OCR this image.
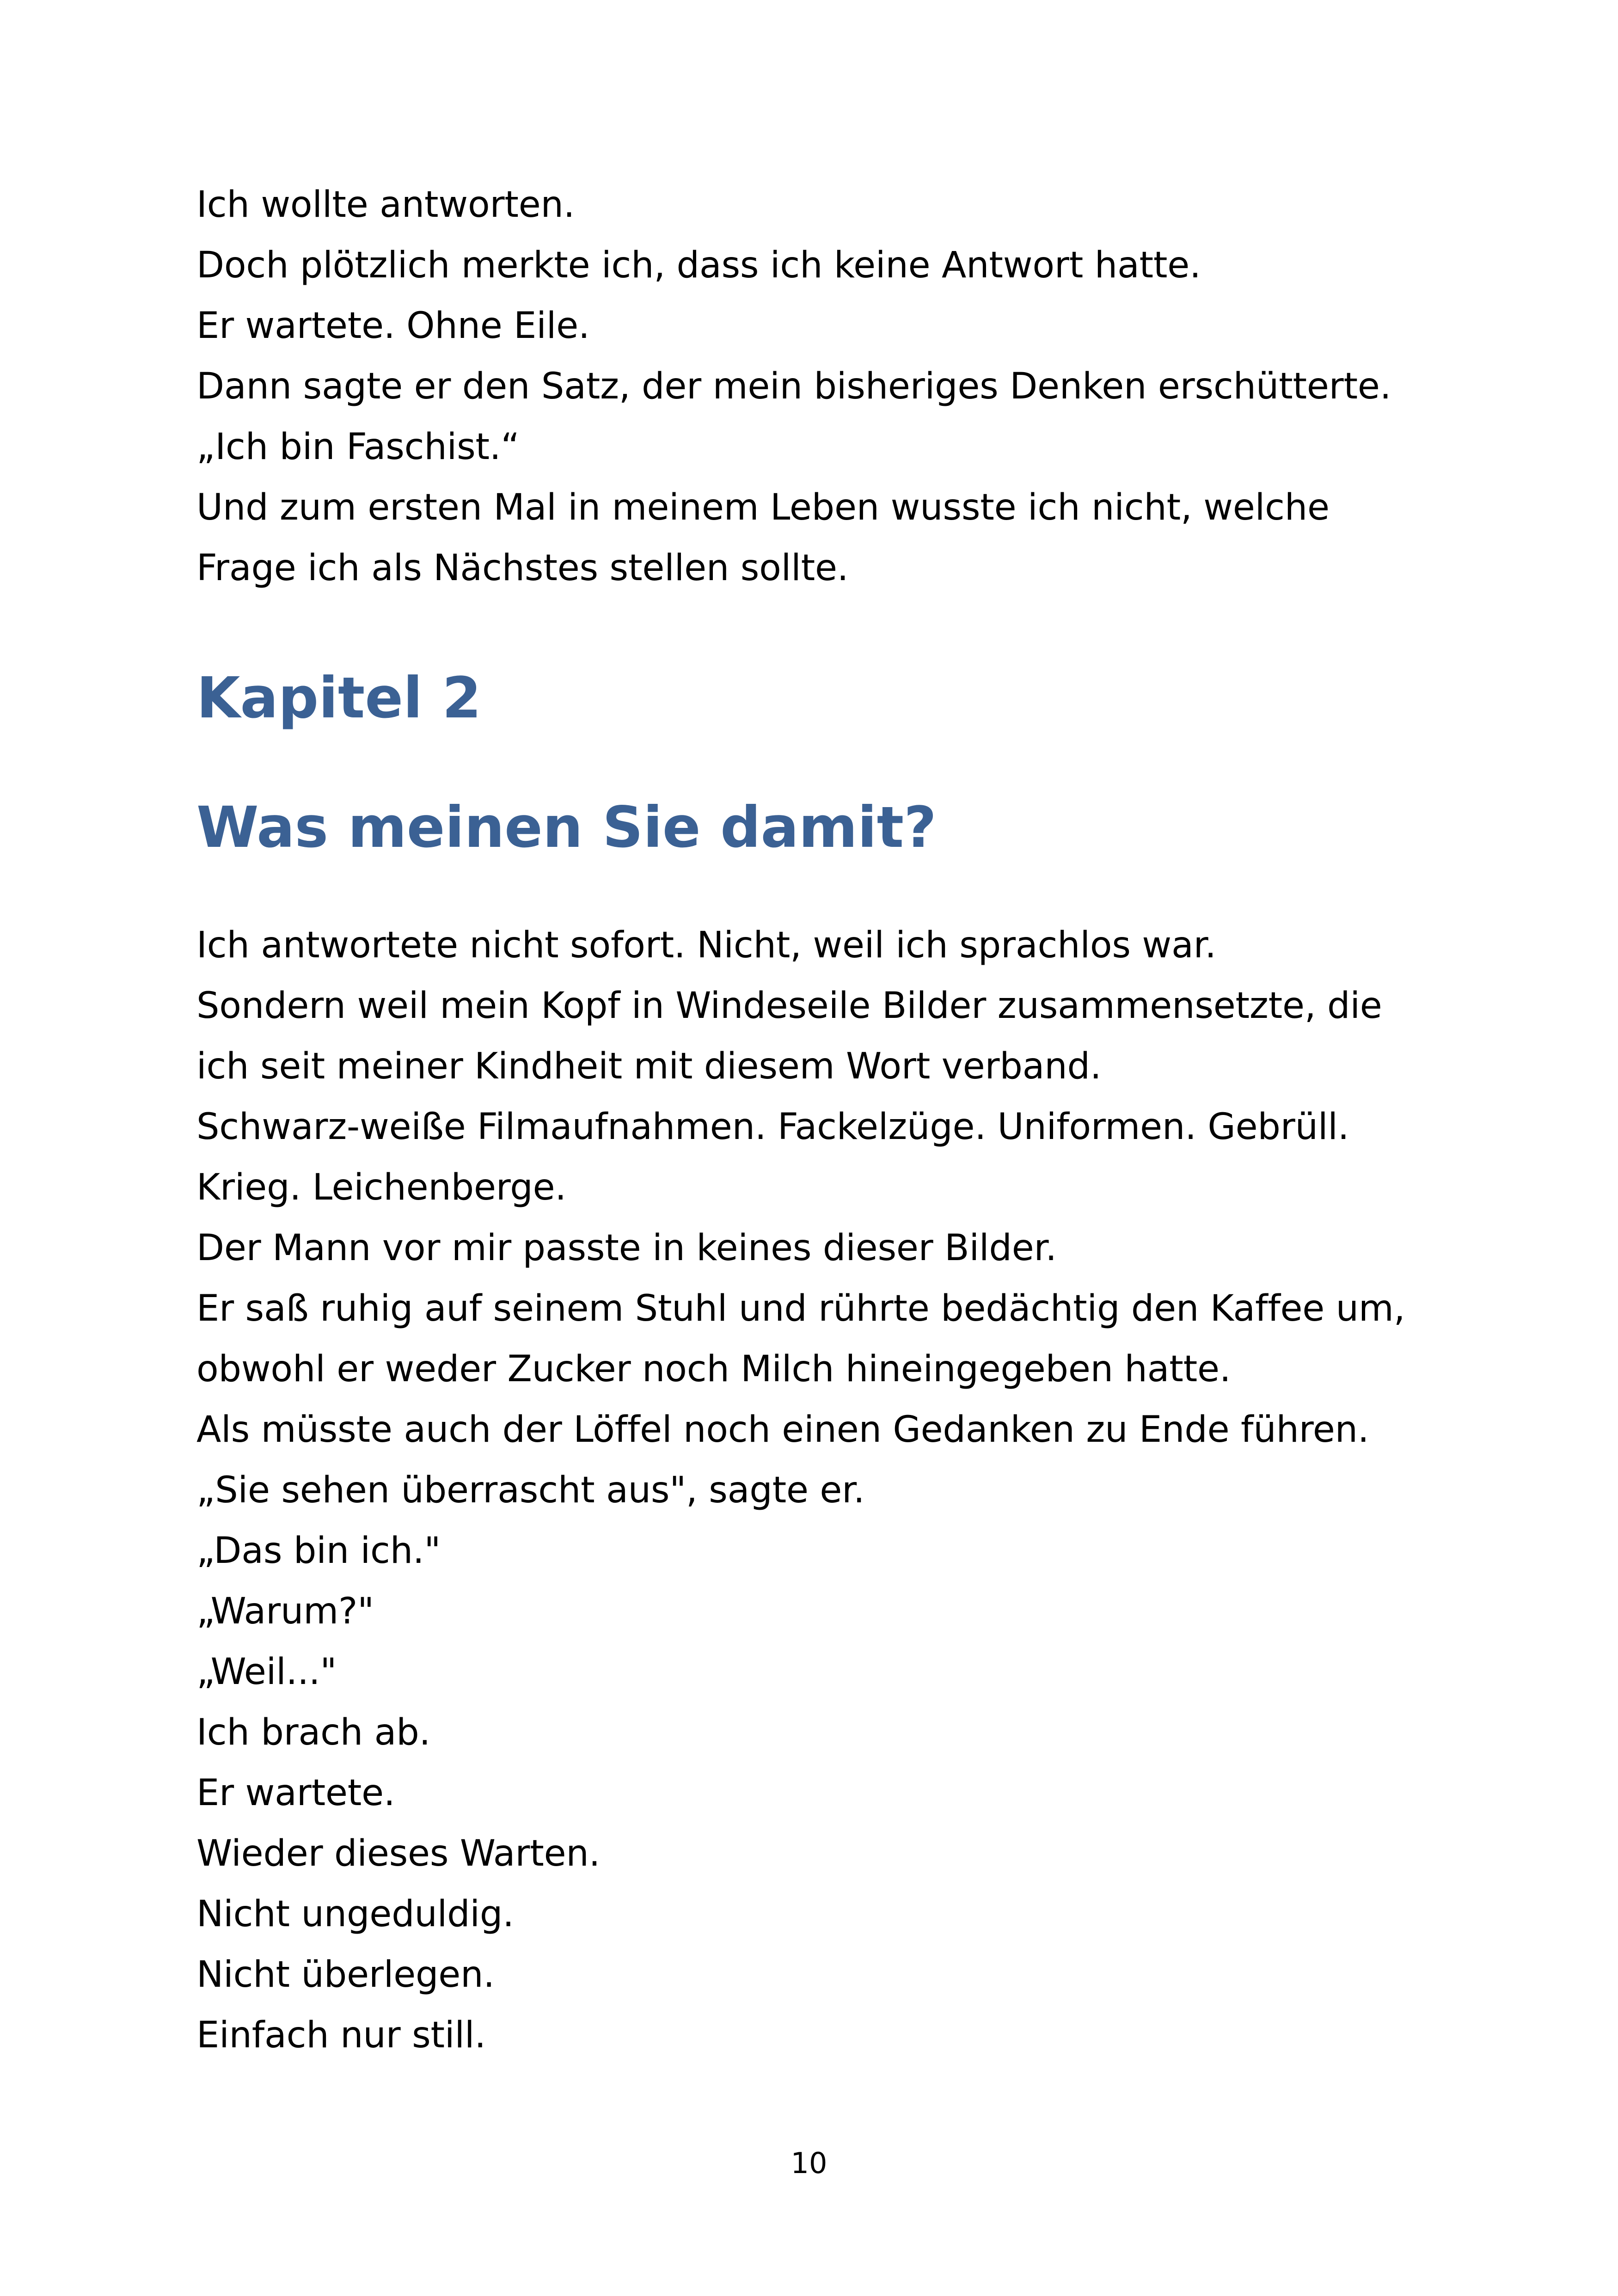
Ich wollte antworten.
Doch plötzlich merkte ich, dass ich keine Antwort hatte.
Er wartete. Ohne Eile.
Dann sagte er den Satz, der mein bisheriges Denken erschütterte.
„Ich bin Faschist.“
Und zum ersten Mal in meinem Leben wusste ich nicht, welche
Frage ich als Nächstes stellen sollte.
Kapitel 2
Was meinen Sie damit?
Ich antwortete nicht sofort. Nicht, weil ich sprachlos war.
Sondern weil mein Kopf in Windeseile Bilder zusammensetzte, die
ich seit meiner Kindheit mit diesem Wort verband.
Schwarz-weiße Filmaufnahmen. Fackelzüge. Uniformen. Gebrüll.
Krieg. Leichenberge.
Der Mann vor mir passte in keines dieser Bilder.
Er saß ruhig auf seinem Stuhl und rührte bedächtig den Kaffee um,
obwohl er weder Zucker noch Milch hineingegeben hatte.
Als müsste auch der Löffel noch einen Gedanken zu Ende führen.
„Sie sehen überrascht aus", sagte er.
„Das bin ich."
„Warum?"
„Weil..."
Ich brach ab.
Er wartete.
Wieder dieses Warten.
Nicht ungeduldig.
Nicht überlegen.
Einfach nur still.
10
